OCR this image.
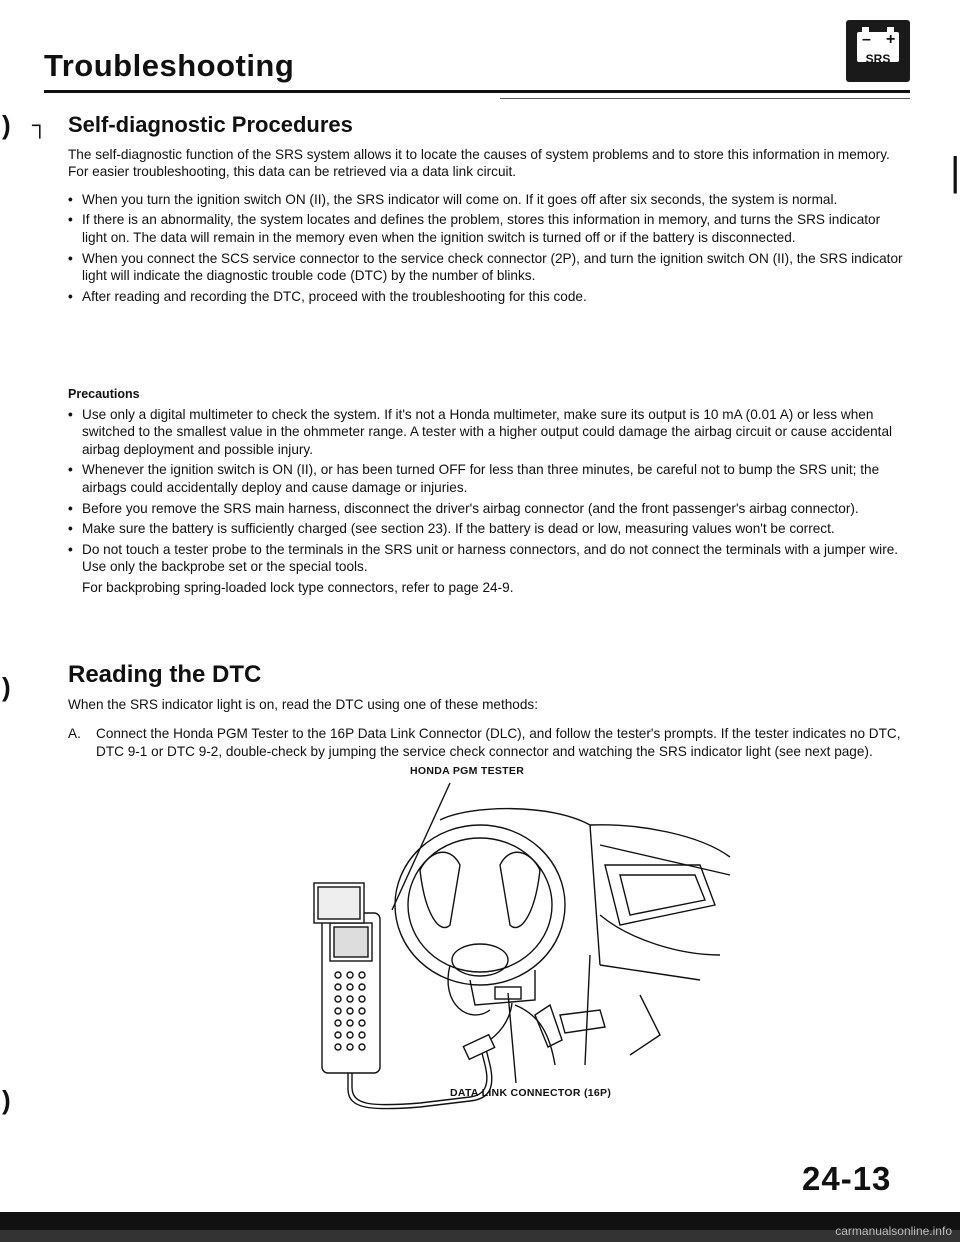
Troubleshooting
– +
SRS
) ┐
)
)
|
Self-diagnostic Procedures

The self-diagnostic function of the SRS system allows it to locate the causes of system problems and to store this information in memory. For easier troubleshooting, this data can be retrieved via a data link circuit.

• When you turn the ignition switch ON (II), the SRS indicator will come on. If it goes off after six seconds, the system is normal.
• If there is an abnormality, the system locates and defines the problem, stores this information in memory, and turns the SRS indicator light on. The data will remain in the memory even when the ignition switch is turned off or if the battery is disconnected.
• When you connect the SCS service connector to the service check connector (2P), and turn the ignition switch ON (II), the SRS indicator light will indicate the diagnostic trouble code (DTC) by the number of blinks.
• After reading and recording the DTC, proceed with the troubleshooting for this code.
Precautions
• Use only a digital multimeter to check the system. If it's not a Honda multimeter, make sure its output is 10 mA (0.01 A) or less when switched to the smallest value in the ohmmeter range. A tester with a higher output could damage the airbag circuit or cause accidental airbag deployment and possible injury.
• Whenever the ignition switch is ON (II), or has been turned OFF for less than three minutes, be careful not to bump the SRS unit; the airbags could accidentally deploy and cause damage or injuries.
• Before you remove the SRS main harness, disconnect the driver's airbag connector (and the front passenger's airbag connector).
• Make sure the battery is sufficiently charged (see section 23). If the battery is dead or low, measuring values won't be correct.
• Do not touch a tester probe to the terminals in the SRS unit or harness connectors, and do not connect the terminals with a jumper wire. Use only the backprobe set or the special tools.

For backprobing spring-loaded lock type connectors, refer to page 24-9.

Reading the DTC

When the SRS indicator light is on, read the DTC using one of these methods:

A. Connect the Honda PGM Tester to the 16P Data Link Connector (DLC), and follow the tester's prompts. If the tester indicates no DTC, DTC 9-1 or DTC 9-2, double-check by jumping the service check connector and watching the SRS indicator light (see next page).
HONDA PGM TESTER
DATA LINK CONNECTOR (16P)
24-13
carmanualsonline.info
